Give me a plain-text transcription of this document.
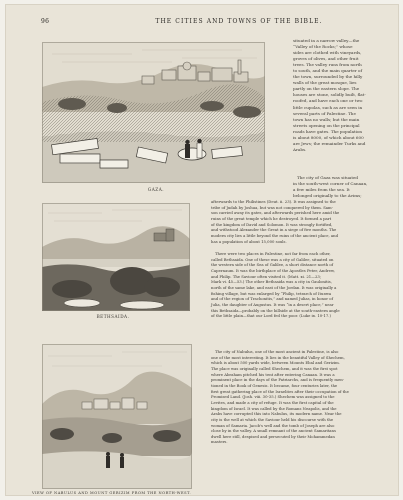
96	THE CITIES AND TOWNS OF THE BIBLE.
GAZA.

situated in a narrow valley—the

“Valley of the Rocks;” whose

sides are clothed with vineyards,

groves of olives, and other fruit

trees. The valley runs from north

to south, and the main quarter of

the town, surrounded by the hilly

walls of the great mosque, lies

partly on the eastern slope. The

houses are stone, solidly built, flat-

roofed, and have each one or two

little cupolas, such as are seen in

several parts of Palestine. The

town has no walls; but the main

streets opening on the principal

roads have gates. The population

is about 8000, of which about 600

are Jews; the remainder Turks and

Arabs.

The city of Gaza was situated

in the south-west corner of Canaan,

a few miles from the sea. It

belonged originally to the Avims;

BETHSAIDA.

afterwards to the Philistines (Deut. ii. 23). It was assigned to the

tribe of Judah by Joshua, but was not conquered by them. Sam-

son carried away its gates, and afterwards perished here amid the

ruins of the great temple which he destroyed. It formed a part

of the kingdom of David and Solomon. It was strongly fortified,

and withstood Alexander the Great in a siege of five months. The

modern city lies a little beyond the ruins of the ancient place, and

has a population of about 15,000 souls.

There were two places in Palestine, not far from each other,

called Bethsaida. One of these was a city of Galilee, situated on

the western side of the Sea of Galilee, a short distance north of

Capernaum. It was the birthplace of the Apostles Peter, Andrew,

and Philip. The Saviour often visited it. (Matt. xi. 21—23;

Mark vi. 45—53.) The other Bethsaida was a city in Gaulonitis,

north of the same lake, and east of the Jordan. It was originally a

fishing village, but was enlarged by “Philip, tetrarch of Ituræa

and of the region of Trachonitis,” and named Julias, in honor of

Julia, the daughter of Augustus. It was “in a desert place,” near

this Bethsaida—probably on the hillside at the south-eastern angle

of the little plain—that our Lord fed the poor. (Luke ix. 10-17.)

VIEW OF NABULUS AND MOUNT GERIZIM FROM THE NORTH-WEST.

The city of Nabulus, one of the most ancient in Palestine, is also

one of the most interesting. It lies in the beautiful Valley of Shechem,

which is about 500 yards wide, between Mounts Ebal and Gerizim.

The place was originally called Shechem, and it was the first spot

where Abraham pitched his tent after entering Canaan. It was a

prominent place in the days of the Patriarchs, and is frequently men-

tioned in the Book of Genesis. It became, four centuries later, the

first great gathering place of the Israelites after their occupation of the

Promised Land. (Josh. viii. 30-35.) Shechem was assigned to the

Levites, and made a city of refuge. It was the first capital of the

kingdom of Israel. It was called by the Romans Neapolis, and the

Arabs have corrupted this into Nabulus, its modern name. Near the

city is the well at which the Saviour held his discourse with the

woman of Samaria. Jacob's well and the tomb of Joseph are also

close by in the valley. A small remnant of the ancient Samaritans

dwell here still, despised and persecuted by their Mohammedan

masters.
